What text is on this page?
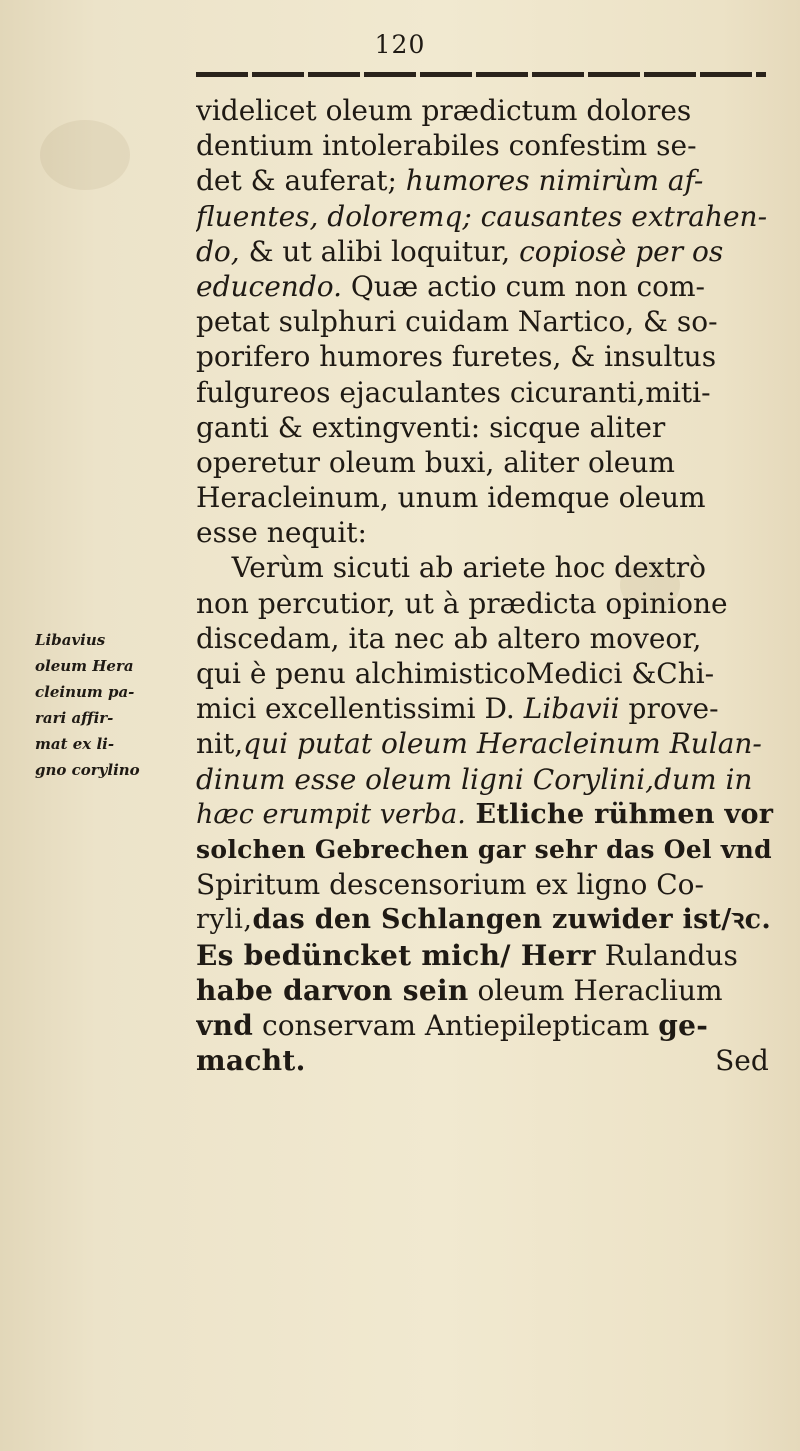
120
videlicet oleum prædictum dolores
dentium intolerabiles confestim se-
det & auferat; humores nimirùm af-
fluentes, doloremq; causantes extrahen-
do, & ut alibi loquitur, copiosè per os
educendo. Quæ actio cum non com-
petat sulphuri cuidam Nartico, & so-
porifero humores furetes, & insultus
fulgureos ejaculantes cicuranti,miti-
ganti & extingventi: sicque aliter
operetur oleum buxi, aliter oleum
Heracleinum, unum idemque oleum
esse nequit:
Verùm sicuti ab ariete hoc dextrò
non percutior, ut à prædicta opinione
discedam, ita nec ab altero moveor,
qui è penu alchimisticoMedici &Chi-
mici excellentissimi D. Libavii prove-
nit,qui putat oleum Heracleinum Rulan-
dinum esse oleum ligni Corylini,dum in
hæc erumpit verba. Etliche rühmen vor
solchen Gebrechen gar sehr das Oel vnd
Spiritum descensorium ex ligno Co-
ryli,das den Schlangen zuwider ist/ꝛc.
Es bedüncket mich/ Herr Rulandus
habe darvon sein oleum Heraclium
vnd conservam Antiepilepticam ge-
macht.                                              Sed
Libavius
oleum Hera
cleinum pa-
rari affir-
mat ex li-
gno corylino
